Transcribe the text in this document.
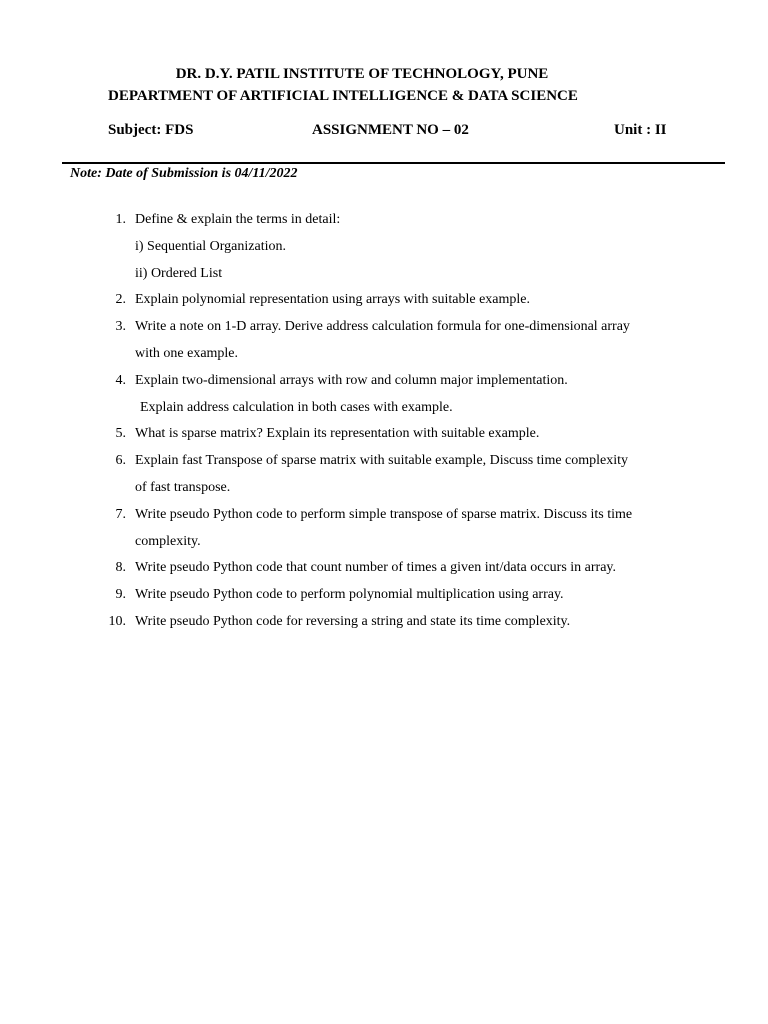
DR. D.Y. PATIL INSTITUTE OF TECHNOLOGY, PUNE
DEPARTMENT OF ARTIFICIAL INTELLIGENCE & DATA SCIENCE
Subject: FDS	ASSIGNMENT NO – 02	Unit : II
Note: Date of Submission is 04/11/2022
1. Define & explain the terms in detail:
i) Sequential Organization.
ii) Ordered List
2. Explain polynomial representation using arrays with suitable example.
3. Write a note on 1-D array. Derive address calculation formula for one-dimensional array
with one example.
4. Explain two-dimensional arrays with row and column major implementation.
Explain address calculation in both cases with example.
5. What is sparse matrix? Explain its representation with suitable example.
6. Explain fast Transpose of sparse matrix with suitable example, Discuss time complexity
of fast transpose.
7. Write pseudo Python code to perform simple transpose of sparse matrix. Discuss its time
complexity.
8. Write pseudo Python code that count number of times a given int/data occurs in array.
9. Write pseudo Python code to perform polynomial multiplication using array.
10. Write pseudo Python code for reversing a string and state its time complexity.
